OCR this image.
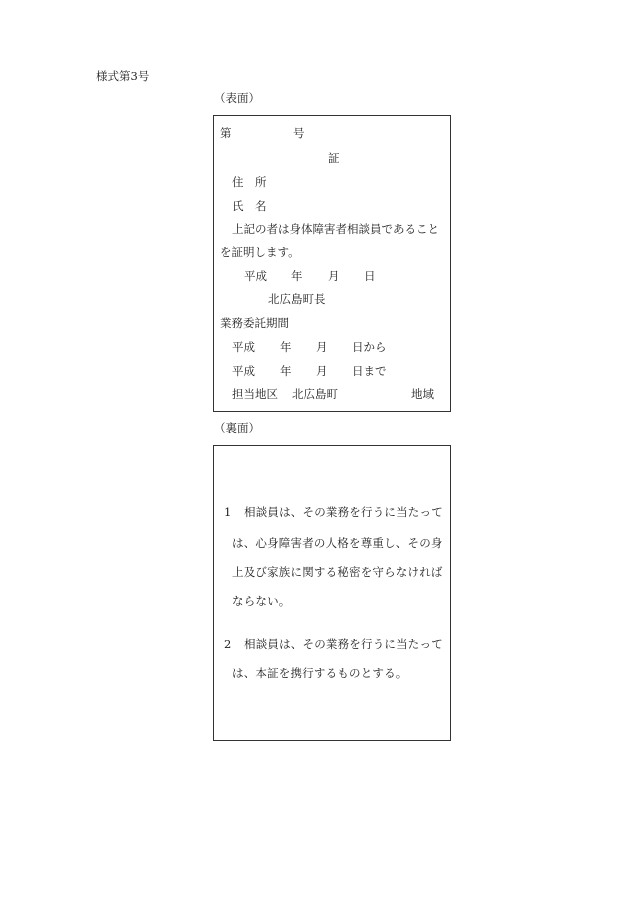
様式第3号
（表面）
第	号
証
住　所
氏　名
上記の者は身体障害者相談員であること
を証明します。
平成 年 月 日
北広島町長
業務委託期間
平成 年 月 日から
平成 年 月 日まで
担当地区 北広島町	地域
（裏面）
1 相談員は、その業務を行うに当たって
は、心身障害者の人格を尊重し、その身
上及び家族に関する秘密を守らなければ
ならない。
2 相談員は、その業務を行うに当たって
は、本証を携行するものとする。
